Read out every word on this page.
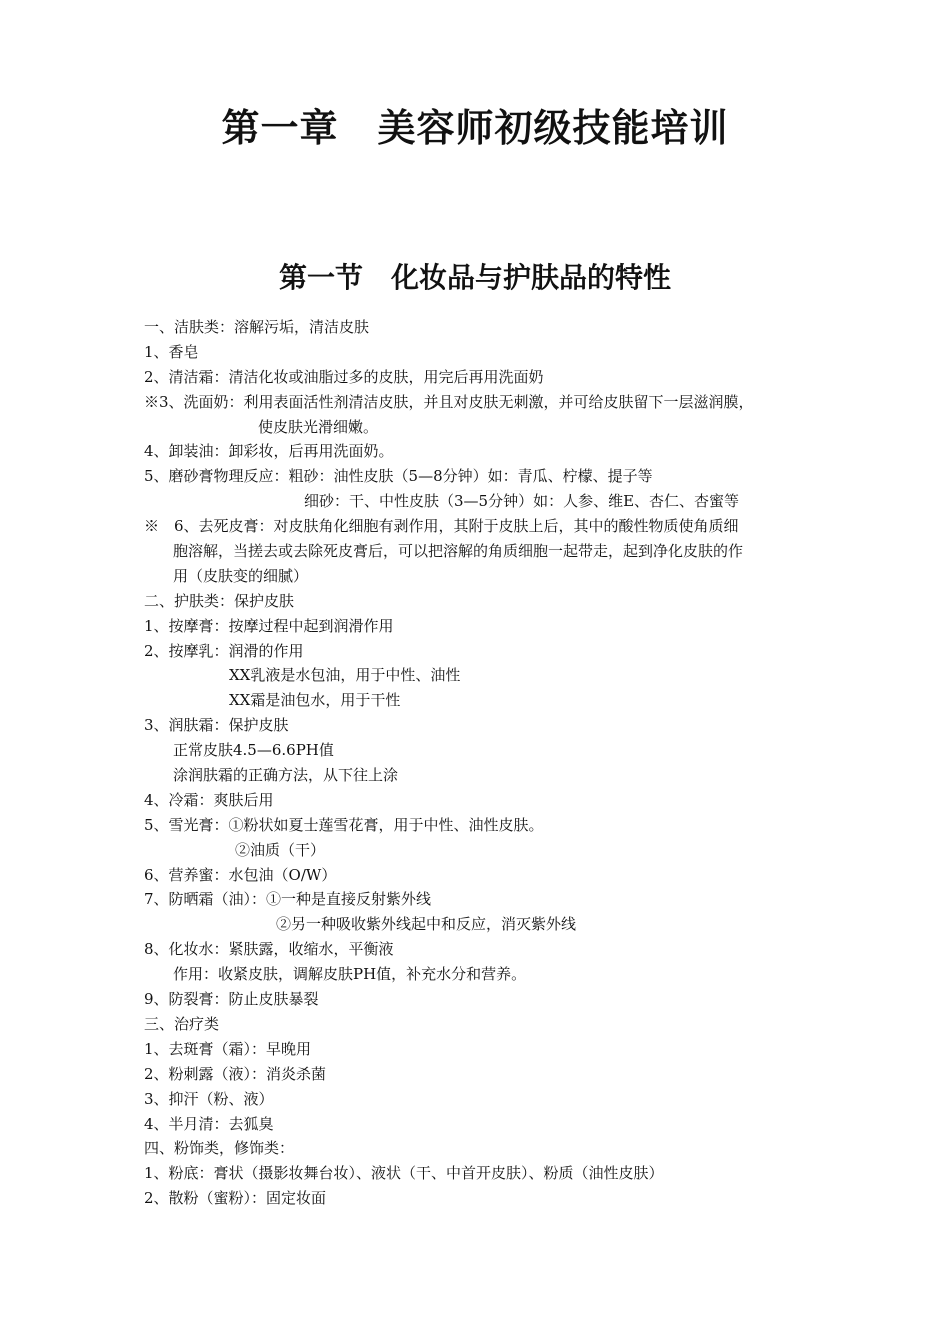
第一章　美容师初级技能培训
第一节　化妆品与护肤品的特性
一、洁肤类：溶解污垢，清洁皮肤
1、香皂
2、清洁霜：清洁化妆或油脂过多的皮肤，用完后再用洗面奶
※3、洗面奶：利用表面活性剂清洁皮肤，并且对皮肤无刺激，并可给皮肤留下一层滋润膜，
使皮肤光滑细嫩。
4、卸装油：卸彩妆，后再用洗面奶。
5、磨砂膏物理反应：粗砂：油性皮肤（5—8分钟）如：青瓜、柠檬、提子等
细砂：干、中性皮肤（3—5分钟）如：人参、维E、杏仁、杏蜜等
※　6、去死皮膏：对皮肤角化细胞有剥作用，其附于皮肤上后，其中的酸性物质使角质细
胞溶解，当搓去或去除死皮膏后，可以把溶解的角质细胞一起带走，起到净化皮肤的作
用（皮肤变的细腻）
二、护肤类：保护皮肤
1、按摩膏：按摩过程中起到润滑作用
2、按摩乳：润滑的作用
XX乳液是水包油，用于中性、油性
XX霜是油包水，用于干性
3、润肤霜：保护皮肤
正常皮肤4.5—6.6PH值
涂润肤霜的正确方法，从下往上涂
4、冷霜：爽肤后用
5、雪光膏：①粉状如夏士莲雪花膏，用于中性、油性皮肤。
②油质（干）
6、营养蜜：水包油（O/W）
7、防晒霜（油）：①一种是直接反射紫外线
②另一种吸收紫外线起中和反应，消灭紫外线
8、化妆水：紧肤露，收缩水，平衡液
作用：收紧皮肤，调解皮肤PH值，补充水分和营养。
9、防裂膏：防止皮肤暴裂
三、治疗类
1、去斑膏（霜）：早晚用
2、粉刺露（液）：消炎杀菌
3、抑汗（粉、液）
4、半月清：去狐臭
四、粉饰类，修饰类：
1、粉底：膏状（摄影妆舞台妆）、液状（干、中首开皮肤）、粉质（油性皮肤）
2、散粉（蜜粉）：固定妆面
